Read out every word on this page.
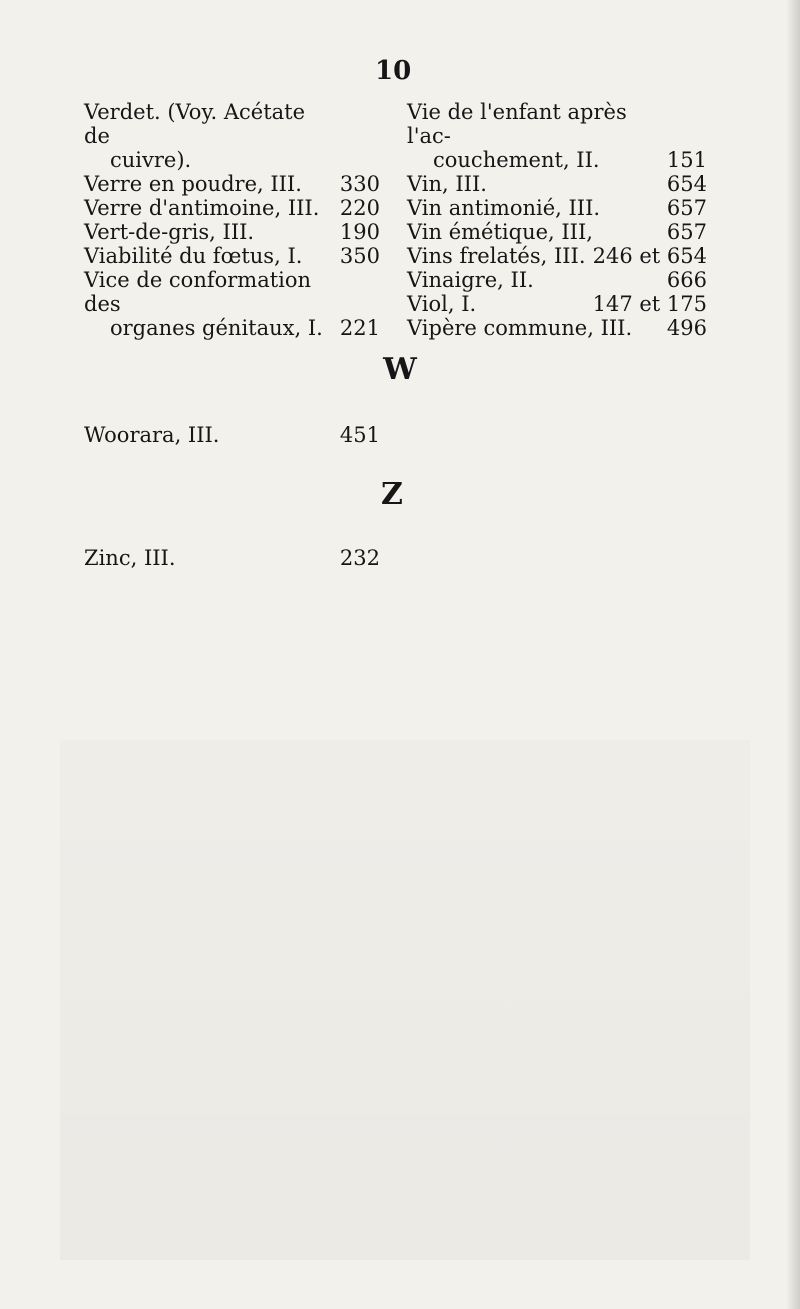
10
Verdet. (Voy. Acétate de
cuivre).
Verre en poudre, III. 330
Verre d'antimoine, III. 220
Vert-de-gris, III.	190
Viabilité du fœtus, I. 350
Vice de conformation des
organes génitaux, I. 221
Vie de l'enfant après l'ac-
couchement, II.	151
Vin, III.	654
Vin antimonié, III.	657
Vin émétique, III,	657
Vins frelatés, III. 246 et 654
Vinaigre, II.	666
Viol, I.	147 et 175
Vipère commune, III. 496
W
Woorara, III.	451
Z
Zinc, III.	232
